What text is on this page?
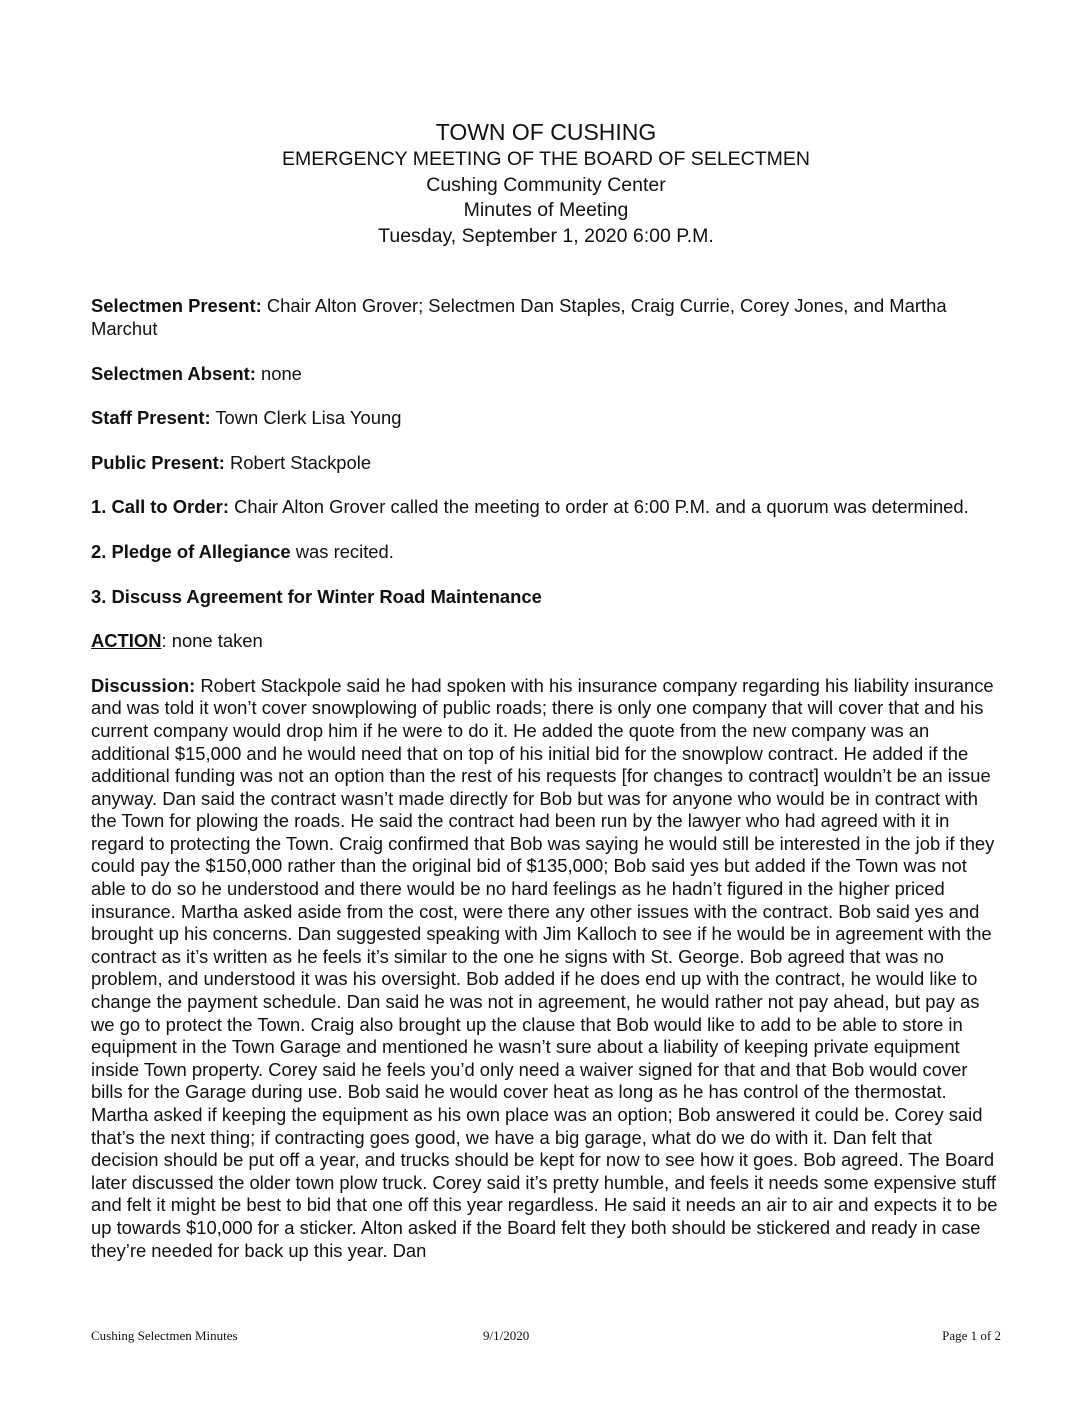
TOWN OF CUSHING
EMERGENCY MEETING OF THE BOARD OF SELECTMEN
Cushing Community Center
Minutes of Meeting
Tuesday, September 1, 2020 6:00 P.M.

Selectmen Present: Chair Alton Grover; Selectmen Dan Staples, Craig Currie, Corey Jones, and Martha Marchut

Selectmen Absent: none

Staff Present: Town Clerk Lisa Young

Public Present: Robert Stackpole

1. Call to Order: Chair Alton Grover called the meeting to order at 6:00 P.M. and a quorum was determined.

2. Pledge of Allegiance was recited.

3. Discuss Agreement for Winter Road Maintenance

ACTION: none taken

Discussion: Robert Stackpole said he had spoken with his insurance company regarding his liability insurance and was told it won’t cover snowplowing of public roads; there is only one company that will cover that and his current company would drop him if he were to do it. He added the quote from the new company was an additional $15,000 and he would need that on top of his initial bid for the snowplow contract. He added if the additional funding was not an option than the rest of his requests [for changes to contract] wouldn’t be an issue anyway. Dan said the contract wasn’t made directly for Bob but was for anyone who would be in contract with the Town for plowing the roads. He said the contract had been run by the lawyer who had agreed with it in regard to protecting the Town. Craig confirmed that Bob was saying he would still be interested in the job if they could pay the $150,000 rather than the original bid of $135,000; Bob said yes but added if the Town was not able to do so he understood and there would be no hard feelings as he hadn’t figured in the higher priced insurance. Martha asked aside from the cost, were there any other issues with the contract. Bob said yes and brought up his concerns. Dan suggested speaking with Jim Kalloch to see if he would be in agreement with the contract as it’s written as he feels it’s similar to the one he signs with St. George. Bob agreed that was no problem, and understood it was his oversight. Bob added if he does end up with the contract, he would like to change the payment schedule. Dan said he was not in agreement, he would rather not pay ahead, but pay as we go to protect the Town. Craig also brought up the clause that Bob would like to add to be able to store in equipment in the Town Garage and mentioned he wasn’t sure about a liability of keeping private equipment inside Town property. Corey said he feels you’d only need a waiver signed for that and that Bob would cover bills for the Garage during use. Bob said he would cover heat as long as he has control of the thermostat. Martha asked if keeping the equipment as his own place was an option; Bob answered it could be. Corey said that’s the next thing; if contracting goes good, we have a big garage, what do we do with it. Dan felt that decision should be put off a year, and trucks should be kept for now to see how it goes. Bob agreed. The Board later discussed the older town plow truck. Corey said it’s pretty humble, and feels it needs some expensive stuff and felt it might be best to bid that one off this year regardless. He said it needs an air to air and expects it to be up towards $10,000 for a sticker. Alton asked if the Board felt they both should be stickered and ready in case they’re needed for back up this year. Dan

Cushing Selectmen Minutes	9/1/2020	Page 1 of 2
